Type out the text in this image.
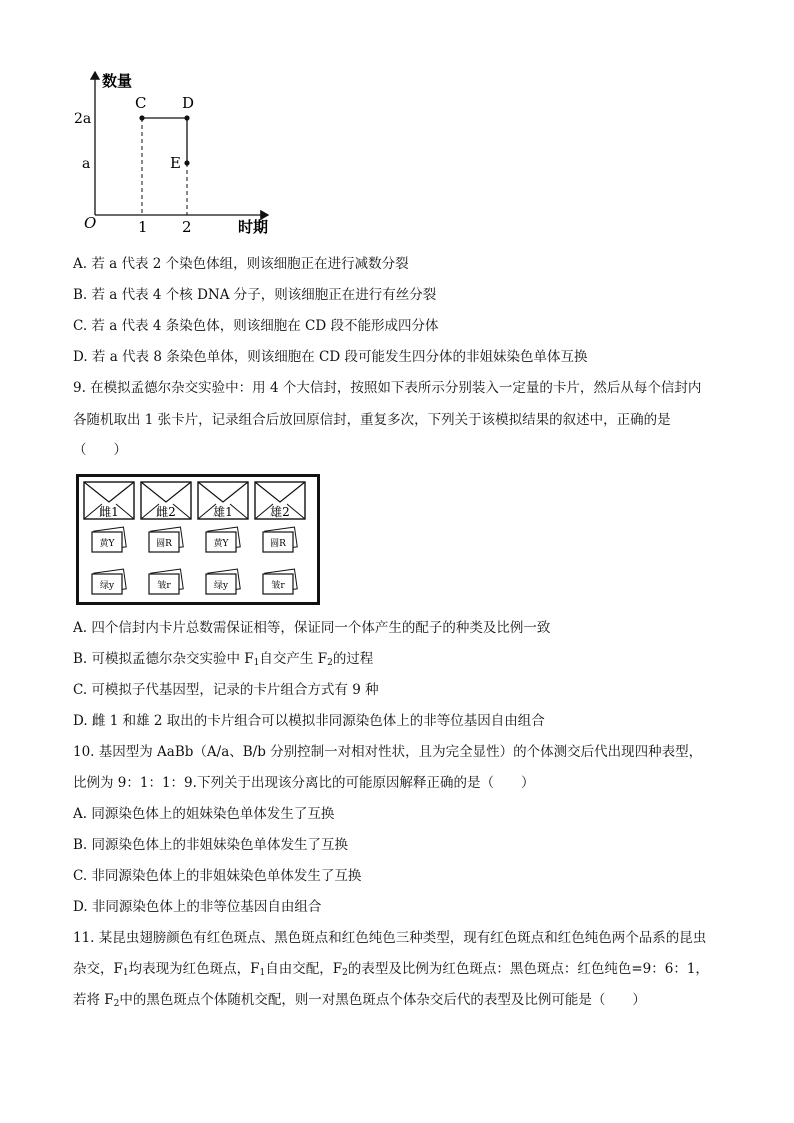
数量
时期
O
2a
a
1 2
C D
E
A. 若 a 代表 2 个染色体组，则该细胞正在进行减数分裂
B. 若 a 代表 4 个核 DNA 分子，则该细胞正在进行有丝分裂
C. 若 a 代表 4 条染色体，则该细胞在 CD 段不能形成四分体
D. 若 a 代表 8 条染色单体，则该细胞在 CD 段可能发生四分体的非姐妹染色单体互换
9. 在模拟孟德尔杂交实验中：用 4 个大信封，按照如下表所示分别装入一定量的卡片，然后从每个信封内
各随机取出 1 张卡片，记录组合后放回原信封，重复多次，下列关于该模拟结果的叙述中，正确的是
（　　）
雌1
黄Y
绿y
雌2
圆R
皱r
雄1
黄Y
绿y
雄2
圆R
皱r
A. 四个信封内卡片总数需保证相等，保证同一个体产生的配子的种类及比例一致
B. 可模拟孟德尔杂交实验中 $F_1$自交产生 $F_2$的过程
C. 可模拟子代基因型，记录的卡片组合方式有 9 种
D. 雌 1 和雄 2 取出的卡片组合可以模拟非同源染色体上的非等位基因自由组合
10. 基因型为 AaBb（A/a、B/b 分别控制一对相对性状，且为完全显性）的个体测交后代出现四种表型，
比例为 9：1：1：9.下列关于出现该分离比的可能原因解释正确的是（　　）
A. 同源染色体上的姐妹染色单体发生了互换
B. 同源染色体上的非姐妹染色单体发生了互换
C. 非同源染色体上的非姐妹染色单体发生了互换
D. 非同源染色体上的非等位基因自由组合
11. 某昆虫翅膀颜色有红色斑点、黑色斑点和红色纯色三种类型，现有红色斑点和红色纯色两个品系的昆虫
杂交，$F_1$均表现为红色斑点，$F_1$自由交配，$F_2$的表型及比例为红色斑点：黑色斑点：红色纯色=9：6：1，
若将 $F_2$中的黑色斑点个体随机交配，则一对黑色斑点个体杂交后代的表型及比例可能是（　　）
